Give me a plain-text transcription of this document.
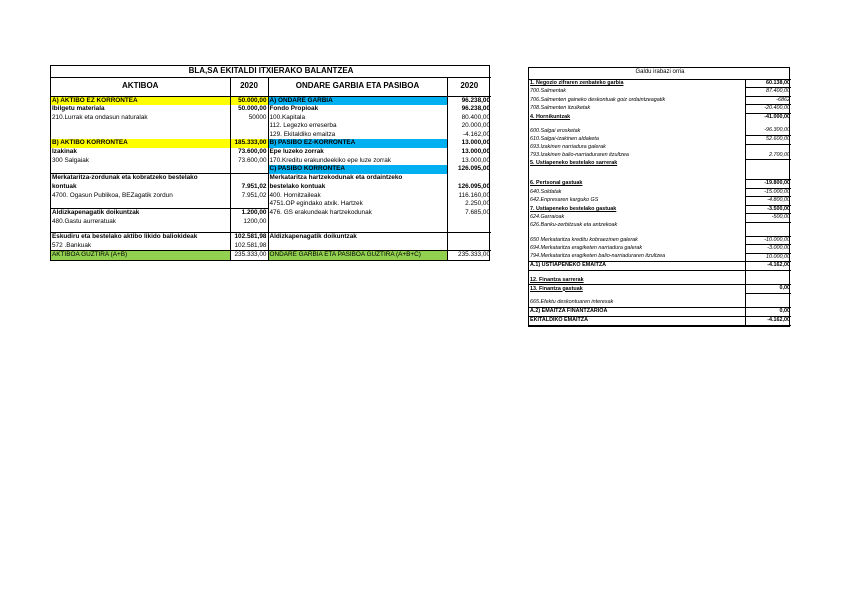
BLA,SA EKITALDI ITXIERAKO BALANTZEA			
AKTIBOA	2020	ONDARE GARBIA ETA PASIBOA	2020
A) AKTIBO EZ KORRONTEA	50.000,00	A) ONDARE GARBIA	96.238,00
Ibilgetu materiala	50.000,00	Fondo Propioak	96.238,00
210.Lurrak eta ondasun naturalak	50000	100.Kapitala	80.400,00
		112. Legezko erreserba	20.000,00
		129. Ekitaldiko emaitza	-4.162,00
B) AKTIBO KORRONTEA	185.333,00	B) PASIBO EZ-KORRONTEA	13.000,00
Izakinak	73.600,00	Epe luzeko zorrak	13.000,00
300 Salgaiak	73.600,00	170.Kreditu erakundeekiko epe luze zorrak	13.000,00
		C) PASIBO KORRONTEA	126.095,00
Merkataritza-zordunak eta kobratzeko bestelako		Merkataritza hartzekodunak eta ordaintzeko	
kontuak	7.951,02	bestelako kontuak	126.095,00
4700. Ogasun Publikoa, BEZagatik zordun	7.951,02	400. Hornitzaileak	116.160,00
		4751.OP egindako atxik. Hartzek	2.250,00
Aldizkapenagatik doikuntzak	1.200,00	476. GS erakundeak hartzekodunak	7.685,00
480.Gastu aurreratuak	1200,00		

Eskudiru eta bestelako aktibo likido baliokideak	102.581,98	Aldizkapenagatik doikuntzak	
572 .Bankuak	102.581,98		
AKTIBOA GUZTIRA (A+B)	235.333,00	ONDARE GARBIA ETA PASIBOA GUZTIRA (A+B+C)	235.333,00
Galdu irabazi orria	
1. Negozio zifraren zenbateko garbia	60.138,00
700.Salmentak	87.400,00
706.Salmenten gaineko deskontuak goiz ordaintzeagatik	-6862
708.Salmenten itzulketak	-20.400,00
4. Hornikuntzak	-41.000,00

600.Salgai erosketak	-96.300,00
610.Salgai-izakinen aldaketa	52.600,00
693.Izakinen narriadura galerak	
793.Izakinen balio-narriaduraren itzultzea	2.700,00
5. Ustiapeneko bestelako sarrerak	

6. Pertsonal gastuak	-19.800,00
640.Soldatak	-15.000,00
642.Enpresaren karguko GS	-4.800,00
7. Ustiapeneko bestelako gastuak	-3.500,00
624.Garraioak	-500,00
626.Banku-zerbitzuak eta antzekoak	

650 Merkataritza kreditu kobraezinen galerak	-10.000,00
694.Merkataritza eragiketen narriadura galerak	-3.000,00
794.Merkataritza eragiketen balio-narriaduraren itzultzea	10.000,00
A.1) USTIAPENEKO EMAITZA	-4.162,00

12. Finantza sarrerak	
13. Finantza gastuak	0,00

665.Efektu deskontuaren interesak	
A.2) EMAITZA FINANTZARIOA	0,00
EKITALDIKO EMAITZA	-4.162,00
